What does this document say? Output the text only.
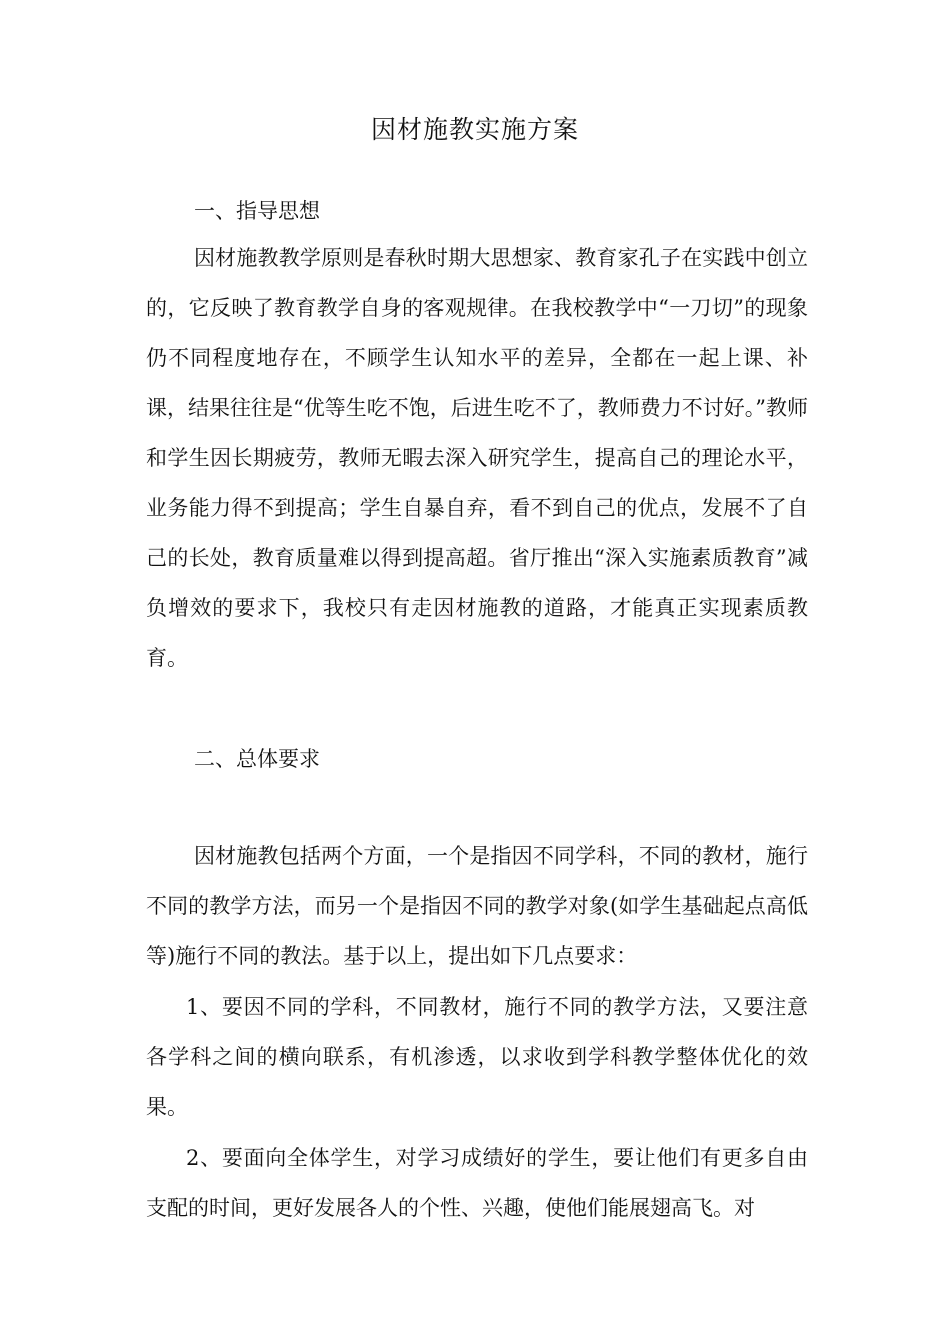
因材施教实施方案
一、指导思想
因材施教教学原则是春秋时期大思想家、教育家孔子在实践中创立的，它反映了教育教学自身的客观规律。在我校教学中“一刀切”的现象仍不同程度地存在，不顾学生认知水平的差异，全都在一起上课、补课，结果往往是“优等生吃不饱，后进生吃不了，教师费力不讨好。”教师和学生因长期疲劳，教师无暇去深入研究学生，提高自己的理论水平，业务能力得不到提高；学生自暴自弃，看不到自己的优点，发展不了自己的长处，教育质量难以得到提高超。省厅推出“深入实施素质教育”减负增效的要求下，我校只有走因材施教的道路，才能真正实现素质教育。
二、总体要求
因材施教包括两个方面，一个是指因不同学科，不同的教材，施行不同的教学方法，而另一个是指因不同的教学对象(如学生基础起点高低等)施行不同的教法。基于以上，提出如下几点要求：
1、要因不同的学科，不同教材，施行不同的教学方法，又要注意各学科之间的横向联系，有机渗透，以求收到学科教学整体优化的效果。
2、要面向全体学生，对学习成绩好的学生，要让他们有更多自由支配的时间，更好发展各人的个性、兴趣，使他们能展翅高飞。对
